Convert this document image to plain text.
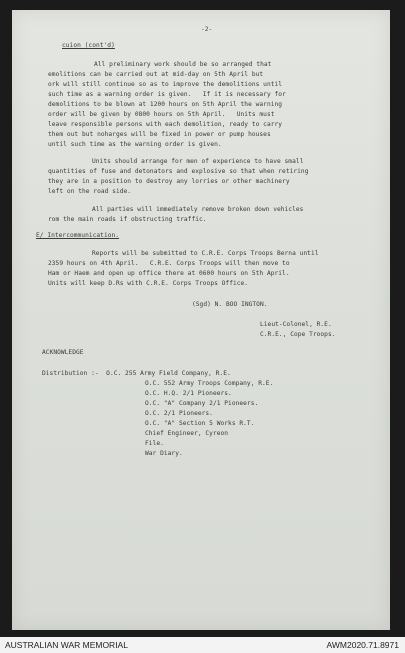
-2-
cuion (cont'd)
All preliminary work should be so arranged that
emolitions can be carried out at mid-day on 5th April but
ork will still continue so as to improve the demolitions until
such time as a warning order is given.   If it is necessary for
demolitions to be blown at 1200 hours on 5th April the warning
order will be given by 0800 hours on 5th April.   Units must
leave responsible persons with each demolition, ready to carry
them out but noharges will be fixed in power or pump houses
until such time as the warning order is given.
Units should arrange for men of experience to have small
quantities of fuse and detonators and explosive so that when retiring
they are in a position to destroy any lorries or other machinery
left on the road side.
All parties will immediately remove broken down vehicles
rom the main roads if obstructing traffic.
E/ Intercommunication.
Reports will be submitted to C.R.E. Corps Troops Berna until
2359 hours on 4th April.   C.R.E. Corps Troops will then move to
Ham or Haem and open up office there at 0600 hours on 5th April.
Units will keep D.Rs with C.R.E. Corps Troops Office.
(Sgd) N. BOO INGTON.
Lieut-Colonel, R.E.
C.R.E., Cope Troops.
ACKNOWLEDGE
Distribution :-  O.C. 255 Army Field Company, R.E.
O.C. 552 Army Troops Company, R.E.
O.C. H.Q. 2/1 Pioneers.
O.C. "A" Company 2/1 Pioneers.
O.C. 2/1 Pioneers.
O.C. "A" Section 5 Works R.T.
Chief Engineer, Cyreon
File.
War Diary.
AUSTRALIAN WAR MEMORIAL	AWM2020.71.8971
